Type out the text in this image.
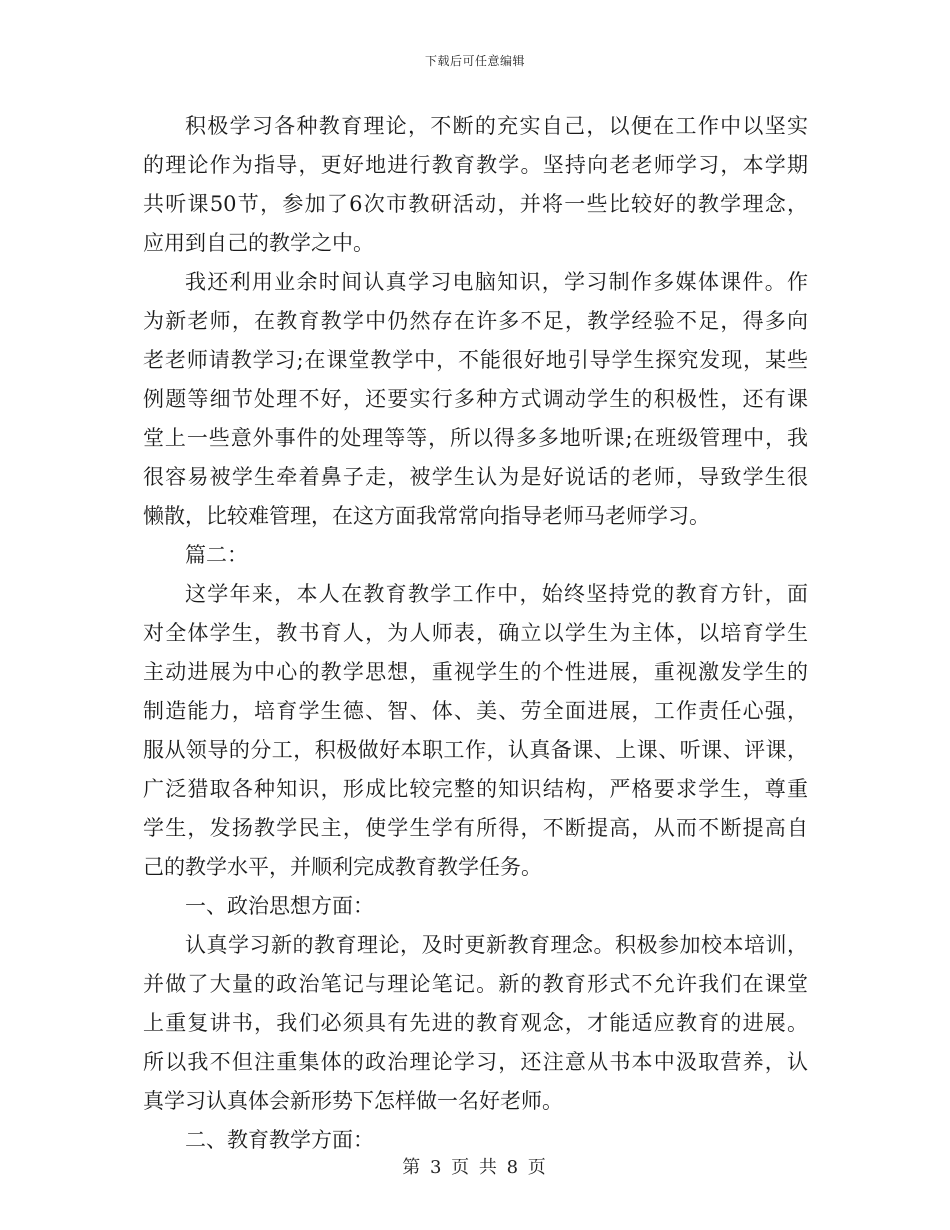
下载后可任意编辑
积极学习各种教育理论，不断的充实自己，以便在工作中以坚实
的理论作为指导，更好地进行教育教学。坚持向老老师学习，本学期
共听课50节，参加了6次市教研活动，并将一些比较好的教学理念，
应用到自己的教学之中。
我还利用业余时间认真学习电脑知识，学习制作多媒体课件。作
为新老师，在教育教学中仍然存在许多不足，教学经验不足，得多向
老老师请教学习;在课堂教学中，不能很好地引导学生探究发现，某些
例题等细节处理不好，还要实行多种方式调动学生的积极性，还有课
堂上一些意外事件的处理等等，所以得多多地听课;在班级管理中，我
很容易被学生牵着鼻子走，被学生认为是好说话的老师，导致学生很
懒散，比较难管理，在这方面我常常向指导老师马老师学习。
篇二：
这学年来，本人在教育教学工作中，始终坚持党的教育方针，面
对全体学生，教书育人，为人师表，确立以学生为主体，以培育学生
主动进展为中心的教学思想，重视学生的个性进展，重视激发学生的
制造能力，培育学生德、智、体、美、劳全面进展，工作责任心强，
服从领导的分工，积极做好本职工作，认真备课、上课、听课、评课，
广泛猎取各种知识，形成比较完整的知识结构，严格要求学生，尊重
学生，发扬教学民主，使学生学有所得，不断提高，从而不断提高自
己的教学水平，并顺利完成教育教学任务。
一、政治思想方面：
认真学习新的教育理论，及时更新教育理念。积极参加校本培训，
并做了大量的政治笔记与理论笔记。新的教育形式不允许我们在课堂
上重复讲书，我们必须具有先进的教育观念，才能适应教育的进展。
所以我不但注重集体的政治理论学习，还注意从书本中汲取营养，认
真学习认真体会新形势下怎样做一名好老师。
二、教育教学方面：
第 3 页 共 8 页
